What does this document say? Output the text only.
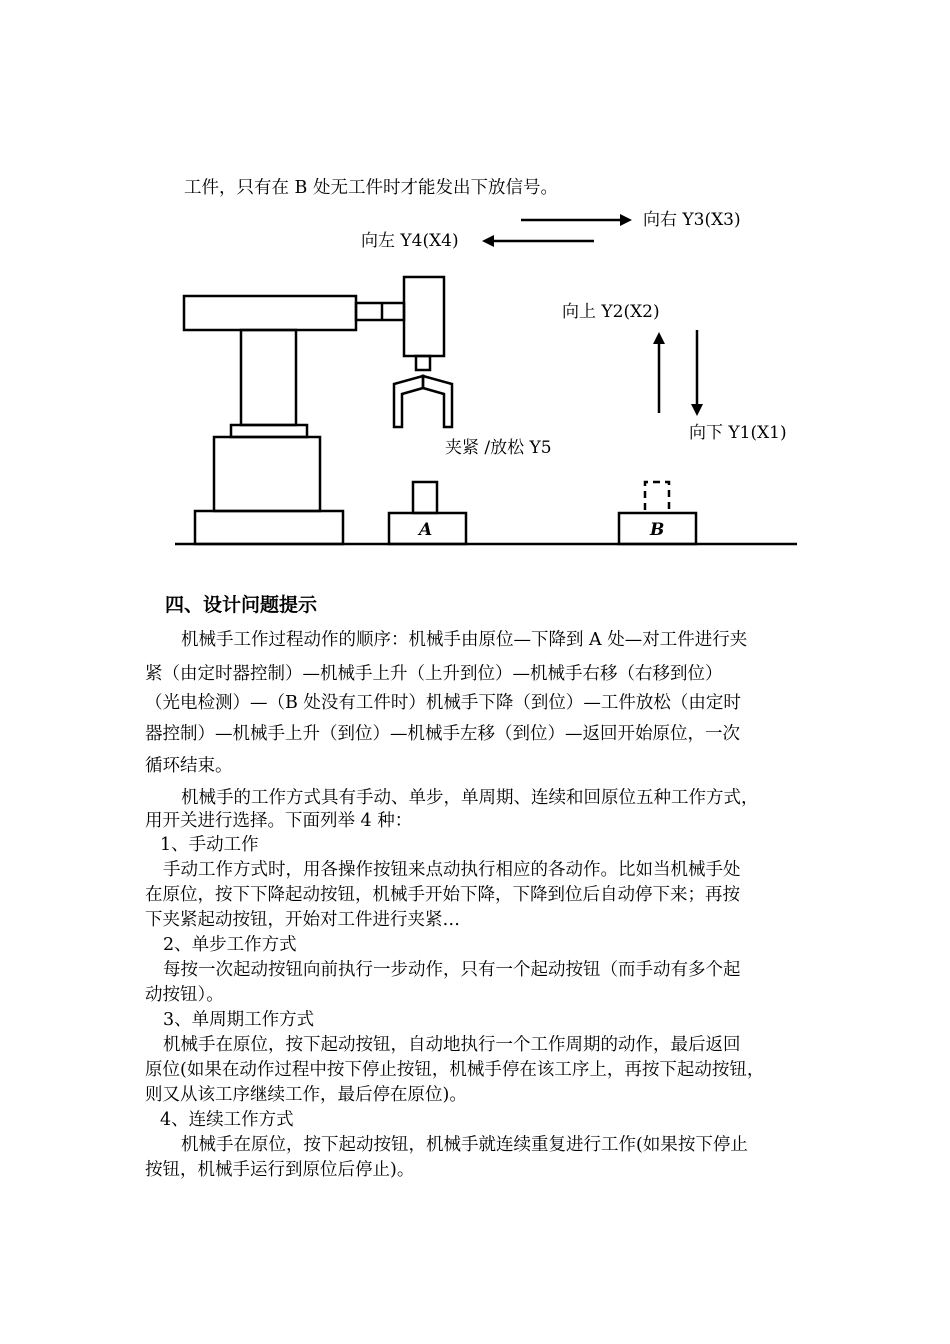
工件，只有在 B 处无工件时才能发出下放信号。
向右 Y3(X3)
向左 Y4(X4)
向上 Y2(X2)
向下 Y1(X1)
夹紧 /放松 Y5
A	B
四、设计问题提示
机械手工作过程动作的顺序：机械手由原位—下降到 A 处—对工件进行夹
紧（由定时器控制）—机械手上升（上升到位）—机械手右移（右移到位）
（光电检测）—（B 处没有工件时）机械手下降（到位）—工件放松（由定时
器控制）—机械手上升（到位）—机械手左移（到位）—返回开始原位，一次
循环结束。
机械手的工作方式具有手动、单步，单周期、连续和回原位五种工作方式，
用开关进行选择。下面列举 4 种：
1、手动工作
手动工作方式时，用各操作按钮来点动执行相应的各动作。比如当机械手处
在原位，按下下降起动按钮，机械手开始下降，下降到位后自动停下来；再按
下夹紧起动按钮，开始对工件进行夹紧…
2、单步工作方式
每按一次起动按钮向前执行一步动作，只有一个起动按钮（而手动有多个起
动按钮）。
3、单周期工作方式
机械手在原位，按下起动按钮，自动地执行一个工作周期的动作，最后返回
原位(如果在动作过程中按下停止按钮，机械手停在该工序上，再按下起动按钮，
则又从该工序继续工作，最后停在原位)。
4、连续工作方式
机械手在原位，按下起动按钮，机械手就连续重复进行工作(如果按下停止
按钮，机械手运行到原位后停止)。
